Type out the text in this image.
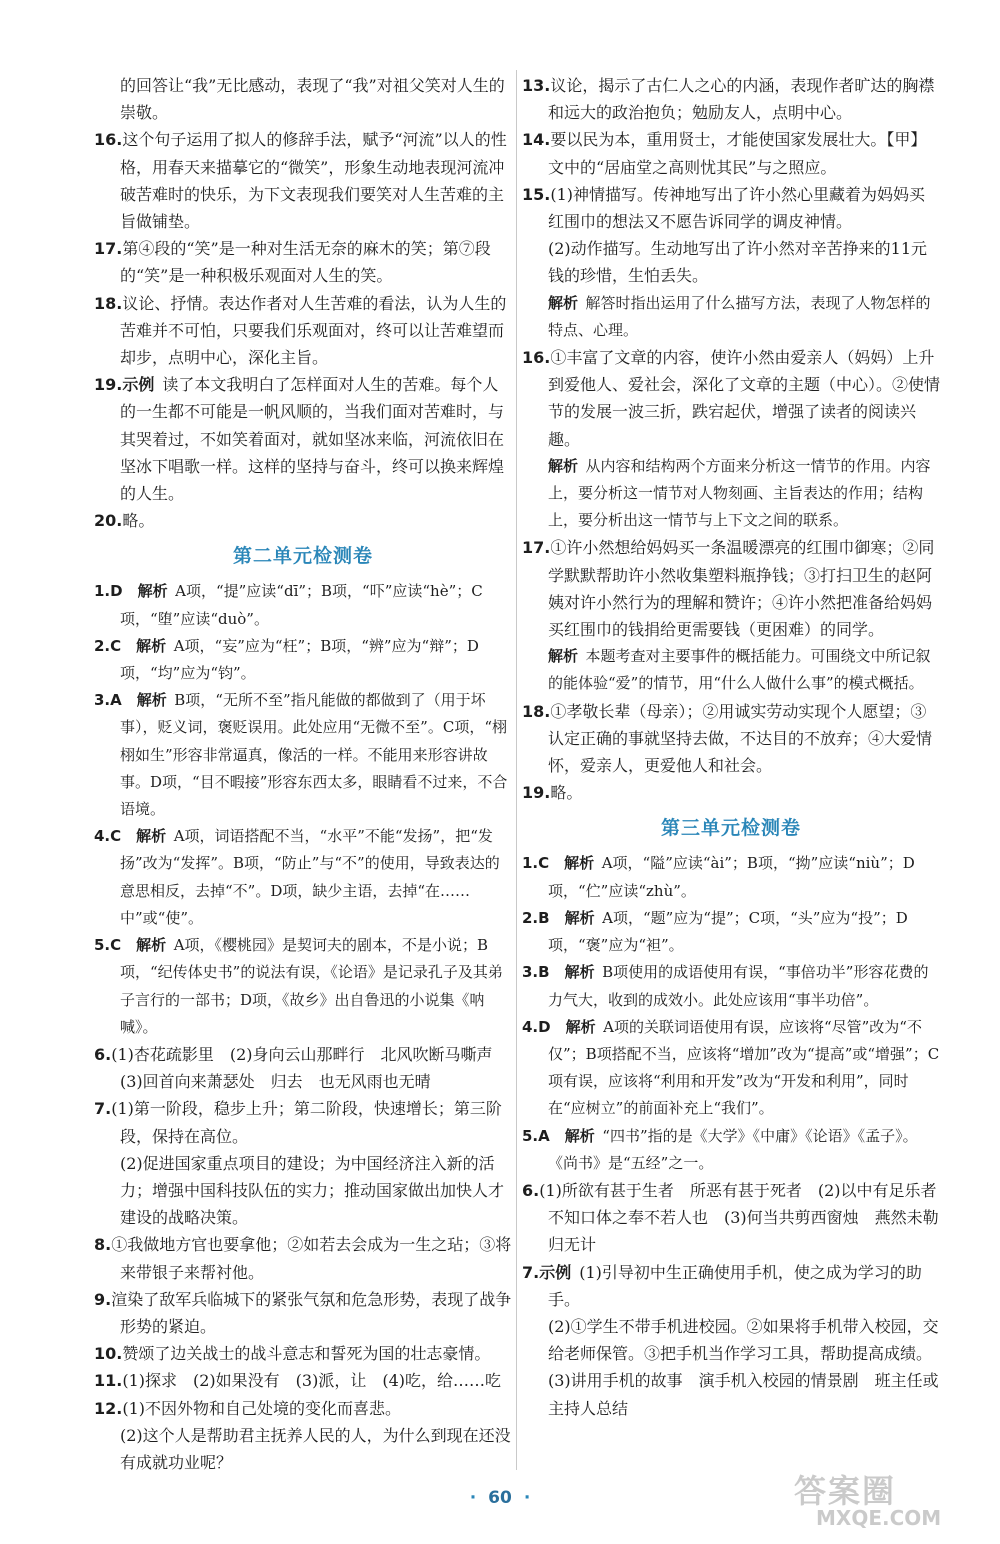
的回答让“我”无比感动，表现了“我”对祖父笑对人生的崇敬。

16.这个句子运用了拟人的修辞手法，赋予“河流”以人的性格，用春天来描摹它的“微笑”，形象生动地表现河流冲破苦难时的快乐，为下文表现我们要笑对人生苦难的主旨做铺垫。

17.第④段的“笑”是一种对生活无奈的麻木的笑；第⑦段的“笑”是一种积极乐观面对人生的笑。

18.议论、抒情。表达作者对人生苦难的看法，认为人生的苦难并不可怕，只要我们乐观面对，终可以让苦难望而却步，点明中心，深化主旨。

19.示例  读了本文我明白了怎样面对人生的苦难。每个人的一生都不可能是一帆风顺的，当我们面对苦难时，与其哭着过，不如笑着面对，就如坚冰来临，河流依旧在坚冰下唱歌一样。这样的坚持与奋斗，终可以换来辉煌的人生。

20.略。

第二单元检测卷

1.D　 解析  A项，“提”应读“dī”；B项，“吓”应读“hè”；C项，“堕”应读“duò”。

2.C　 解析  A项，“妄”应为“枉”；B项，“辨”应为“辩”；D项，“均”应为“钧”。

3.A　 解析  B项，“无所不至”指凡能做的都做到了（用于坏事），贬义词，褒贬误用。此处应用“无微不至”。C项，“栩栩如生”形容非常逼真，像活的一样。不能用来形容讲故事。D项，“目不暇接”形容东西太多，眼睛看不过来，不合语境。

4.C　 解析  A项，词语搭配不当，“水平”不能“发扬”，把“发扬”改为“发挥”。B项，“防止”与“不”的使用，导致表达的意思相反，去掉“不”。D项，缺少主语，去掉“在……中”或“使”。

5.C　 解析  A项，《樱桃园》是契诃夫的剧本，不是小说；B项，“纪传体史书”的说法有误，《论语》是记录孔子及其弟子言行的一部书；D项，《故乡》出自鲁迅的小说集《呐喊》。

6.(1)杏花疏影里　(2)身向云山那畔行　北风吹断马嘶声　(3)回首向来萧瑟处　归去　也无风雨也无晴

7.(1)第一阶段，稳步上升；第二阶段，快速增长；第三阶段，保持在高位。

(2)促进国家重点项目的建设；为中国经济注入新的活力；增强中国科技队伍的实力；推动国家做出加快人才建设的战略决策。

8.①我做地方官也要拿他；②如若去会成为一生之玷；③将来带银子来帮衬他。

9.渲染了敌军兵临城下的紧张气氛和危急形势，表现了战争形势的紧迫。

10.赞颂了边关战士的战斗意志和誓死为国的壮志豪情。

11.(1)探求　(2)如果没有　(3)派，让　(4)吃，给……吃

12.(1)不因外物和自己处境的变化而喜悲。

(2)这个人是帮助君主抚养人民的人，为什么到现在还没有成就功业呢？

13.议论，揭示了古仁人之心的内涵，表现作者旷达的胸襟和远大的政治抱负；勉励友人，点明中心。

14.要以民为本，重用贤士，才能使国家发展壮大。【甲】文中的“居庙堂之高则忧其民”与之照应。

15.(1)神情描写。传神地写出了许小然心里藏着为妈妈买红围巾的想法又不愿告诉同学的调皮神情。

(2)动作描写。生动地写出了许小然对辛苦挣来的11元钱的珍惜，生怕丢失。

解析  解答时指出运用了什么描写方法，表现了人物怎样的特点、心理。

16.①丰富了文章的内容，使许小然由爱亲人（妈妈）上升到爱他人、爱社会，深化了文章的主题（中心）。②使情节的发展一波三折，跌宕起伏，增强了读者的阅读兴趣。

解析  从内容和结构两个方面来分析这一情节的作用。内容上，要分析这一情节对人物刻画、主旨表达的作用；结构上，要分析出这一情节与上下文之间的联系。

17.①许小然想给妈妈买一条温暖漂亮的红围巾御寒；②同学默默帮助许小然收集塑料瓶挣钱；③打扫卫生的赵阿姨对许小然行为的理解和赞许；④许小然把准备给妈妈买红围巾的钱捐给更需要钱（更困难）的同学。

解析  本题考查对主要事件的概括能力。可围绕文中所记叙的能体验“爱”的情节，用“什么人做什么事”的模式概括。

18.①孝敬长辈（母亲）；②用诚实劳动实现个人愿望；③认定正确的事就坚持去做，不达目的不放弃；④大爱情怀，爱亲人，更爱他人和社会。

19.略。

第三单元检测卷

1.C　 解析  A项，“隘”应读“ài”；B项，“拗”应读“niù”；D项，“伫”应读“zhù”。

2.B　 解析  A项，“题”应为“提”；C项，“头”应为“投”；D项，“褒”应为“袒”。

3.B　 解析  B项使用的成语使用有误，“事倍功半”形容花费的力气大，收到的成效小。此处应该用“事半功倍”。

4.D　 解析  A项的关联词语使用有误，应该将“尽管”改为“不仅”；B项搭配不当，应该将“增加”改为“提高”或“增强”；C项有误，应该将“利用和开发”改为“开发和利用”，同时在“应树立”的前面补充上“我们”。

5.A　 解析  “四书”指的是《大学》《中庸》《论语》《孟子》。《尚书》是“五经”之一。

6.(1)所欲有甚于生者　所恶有甚于死者　(2)以中有足乐者　不知口体之奉不若人也　(3)何当共剪西窗烛　燕然未勒归无计

7.示例  (1)引导初中生正确使用手机，使之成为学习的助手。

(2)①学生不带手机进校园。②如果将手机带入校园，交给老师保管。③把手机当作学习工具，帮助提高成绩。

(3)讲用手机的故事　演手机入校园的情景剧　班主任或主持人总结

· 60 ·	答案圈
MXQE.COM
